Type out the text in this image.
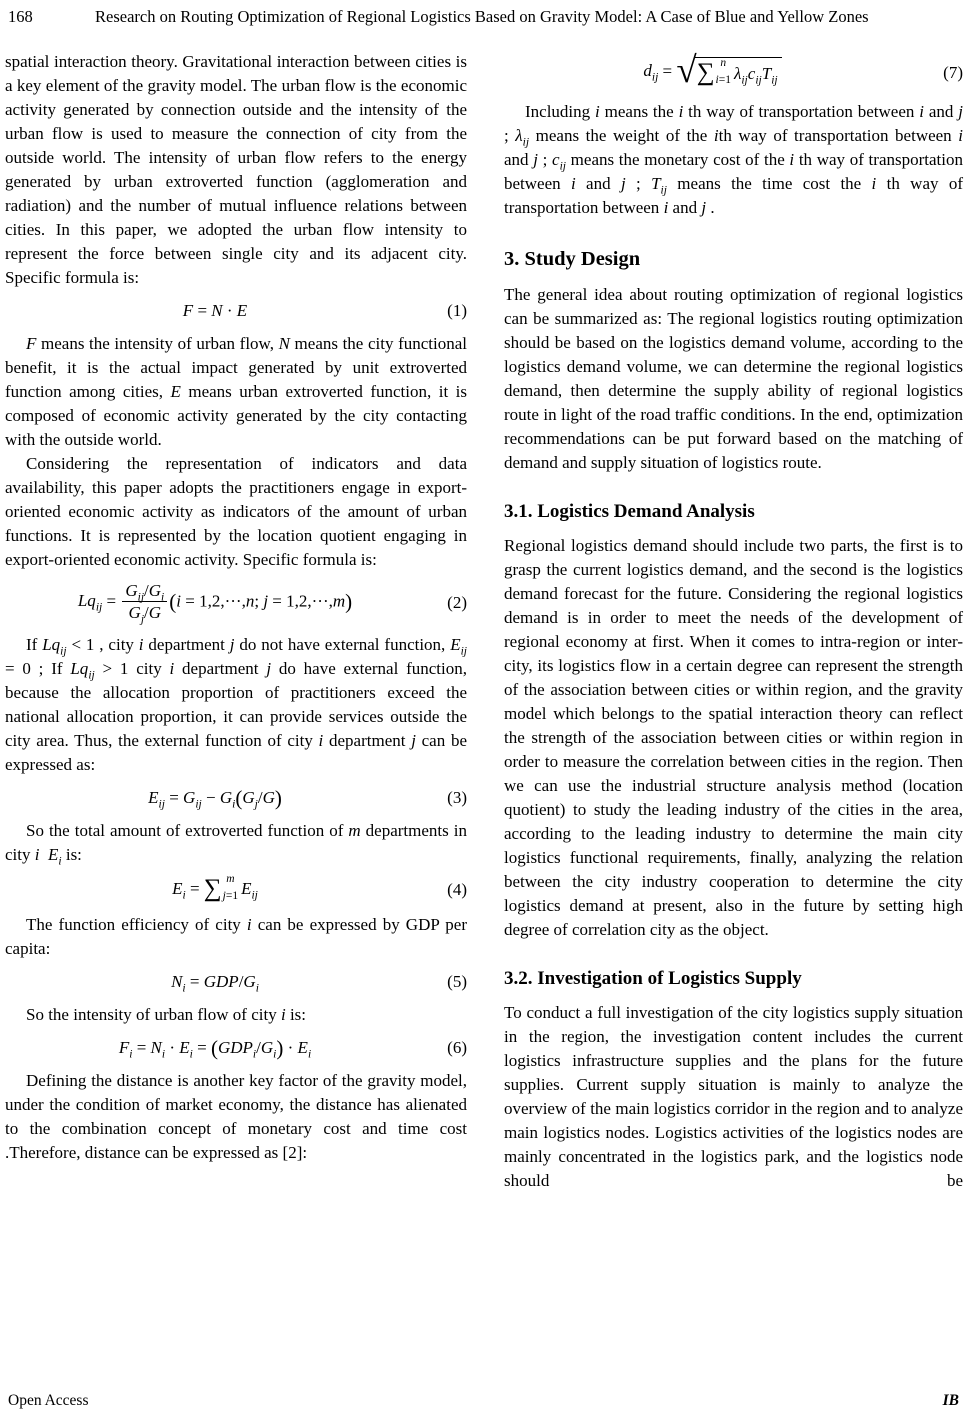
168	Research on Routing Optimization of Regional Logistics Based on Gravity Model: A Case of Blue and Yellow Zones

spatial interaction theory. Gravitational interaction between cities is a key element of the gravity model. The urban flow is the economic activity generated by connection outside and the intensity of the urban flow is used to measure the connection of city from the outside world. The intensity of urban flow refers to the energy generated by urban extroverted function (agglomeration and radiation) and the number of mutual influence relations between cities. In this paper, we adopted the urban flow intensity to represent the force between single city and its adjacent city. Specific formula is:

F = N · E	(1)

F means the intensity of urban flow, N means the city functional benefit, it is the actual impact generated by unit extroverted function among cities, E means urban extroverted function, it is composed of economic activity generated by the city contacting with the outside world.

Considering the representation of indicators and data availability, this paper adopts the practitioners engage in export-oriented economic activity as indicators of the amount of urban functions. It is represented by the location quotient engaging in export-oriented economic activity. Specific formula is:

$Lq_{ij} = \frac{G_{ij}/G_i}{G_j/G} (i = 1,2,\cdot\cdot\cdot,n$; j = 1,2,···,m)	(2)

If $Lq_{ij} < 1$ , city i department j do not have external function, $E_{ij} = 0$ ; If $Lq_{ij} > 1$ city i department j do have external function, because the allocation proportion of practitioners exceed the national allocation proportion, it can provide services outside the city area. Thus, the external function of city i department j can be expressed as:

$E_{ij} = G_{ij} - G_i(G_j/G)$	(3)

So the total amount of extroverted function of m departments in city i $E_i$ is:

$E_i$ = ∑ m
j=1 $E_{ij}$	(4)

The function efficiency of city i can be expressed by GDP per capita:

$N_i = GDP/G_i$	(5)

So the intensity of urban flow of city i is:

$F_i = N_i \cdot E_i = (GDP_i/G_i) \cdot E_i$	(6)

Defining the distance is another key factor of the gravity model, under the condition of market economy, the distance has alienated to the combination concept of monetary cost and time cost .Therefore, distance can be expressed as [2]:

$d_{ij}$ = √ ∑ n
i=1 $\lambda_{ij}$ $c_{ij}$ $T_{ij}$	(7)

Including i means the i th way of transportation between i and j ; $\lambda_{ij}$ means the weight of the ith way of transportation between i and j ; $c_{ij}$ means the monetary cost of the i th way of transportation between i and j ; $T_{ij}$ means the time cost the i th way of transportation between i and j .

3. Study Design

The general idea about routing optimization of regional logistics can be summarized as: The regional logistics routing optimization should be based on the logistics demand volume, according to the logistics demand volume, we can determine the regional logistics demand, then determine the supply ability of regional logistics route in light of the road traffic conditions. In the end, optimization recommendations can be put forward based on the matching of demand and supply situation of logistics route.

3.1. Logistics Demand Analysis

Regional logistics demand should include two parts, the first is to grasp the current logistics demand, and the second is the logistics demand forecast for the future. Considering the regional logistics demand is in order to meet the needs of the development of regional economy at first. When it comes to intra-region or inter-city, its logistics flow in a certain degree can represent the strength of the association between cities or within region, and the gravity model which belongs to the spatial interaction theory can reflect the strength of the association between cities or within region in order to measure the correlation between cities in the region. Then we can use the industrial structure analysis method (location quotient) to study the leading industry of the cities in the area, according to the leading industry to determine the main city logistics functional requirements, finally, analyzing the relation between the city industry cooperation to determine the city logistics demand at present, also in the future by setting high degree of correlation city as the object.

3.2. Investigation of Logistics Supply

To conduct a full investigation of the city logistics supply situation in the region, the investigation content includes the current logistics infrastructure supplies and the plans for the future supplies. Current supply situation is mainly to analyze the overview of the main logistics corridor in the region and to analyze main logistics nodes. Logistics activities of the logistics nodes are mainly concentrated in the logistics park, and the logistics node should be

Open Access	IB
